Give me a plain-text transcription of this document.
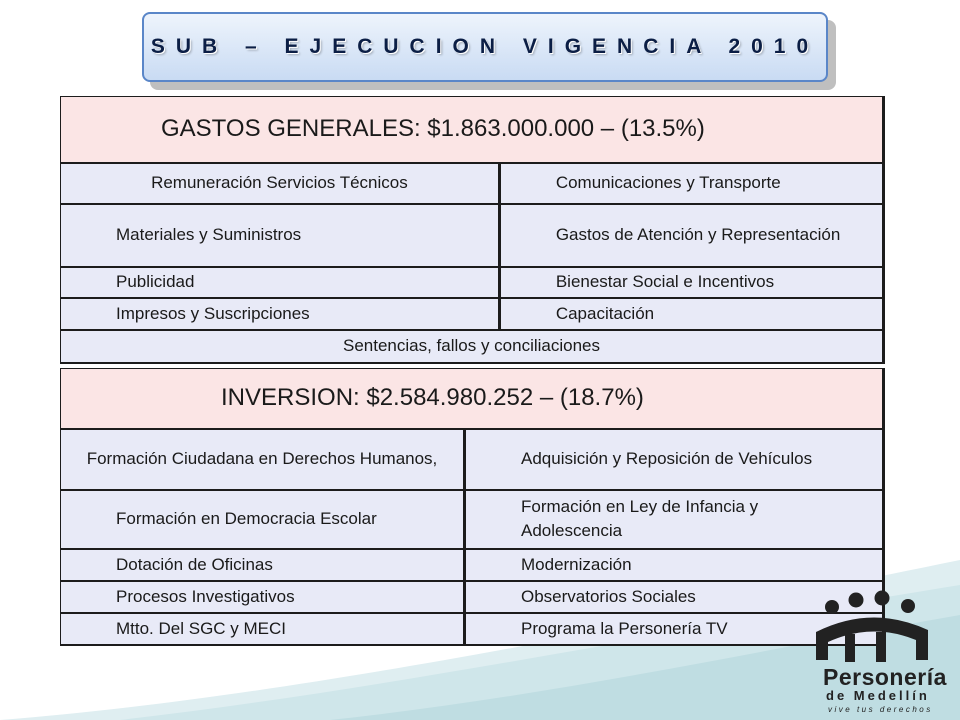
SUB – EJECUCION VIGENCIA 2010
GASTOS GENERALES: $1.863.000.000 – (13.5%)	
Remuneración Servicios Técnicos	Comunicaciones y Transporte
Materiales y Suministros	Gastos de Atención y Representación
Publicidad	Bienestar Social e Incentivos
Impresos y Suscripciones	Capacitación
Sentencias, fallos y conciliaciones	
INVERSION: $2.584.980.252 – (18.7%)	
Formación Ciudadana en Derechos Humanos,	Adquisición y Reposición de Vehículos
Formación en Democracia Escolar	Formación en Ley de Infancia y Adolescencia
Dotación de Oficinas	Modernización
Procesos Investigativos	Observatorios Sociales
Mtto. Del SGC y MECI	Programa la Personería TV
Personería
de Medellín
vive tus derechos
